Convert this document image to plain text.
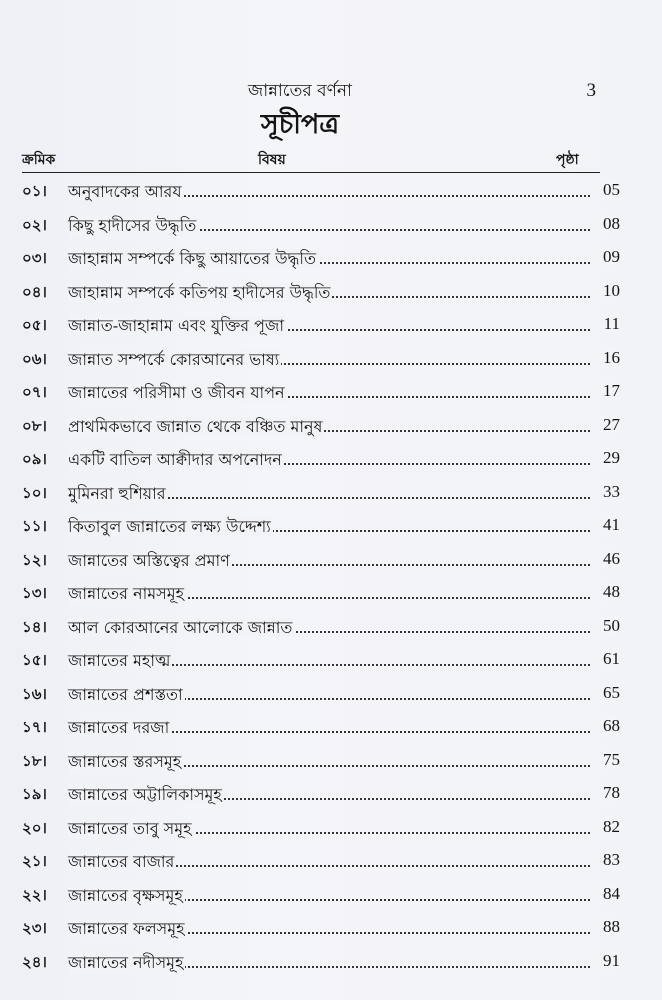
জান্নাতের বর্ণনা	3
সূচীপত্র
ক্রমিক	বিষয়	পৃষ্ঠা
০১। অনুবাদকের আরয	05
০২। কিছু হাদীসের উদ্ধৃতি	08
০৩। জাহান্নাম সম্পর্কে কিছু আয়াতের উদ্ধৃতি	09
০৪। জাহান্নাম সম্পর্কে কতিপয় হাদীসের উদ্ধৃতি	10
০৫। জান্নাত-জাহান্নাম এবং যুক্তির পূজা	11
০৬। জান্নাত সম্পর্কে কোরআনের ভাষ্য	16
০৭। জান্নাতের পরিসীমা ও জীবন যাপন	17
০৮। প্রাথমিকভাবে জান্নাত থেকে বঞ্চিত মানুষ	27
০৯। একটি বাতিল আক্বীদার অপনোদন	29
১০। মুমিনরা হুশিয়ার	33
১১। কিতাবুল জান্নাতের লক্ষ্য উদ্দেশ্য	41
১২। জান্নাতের অস্তিত্বের প্রমাণ	46
১৩। জান্নাতের নামসমূহ	48
১৪। আল কোরআনের আলোকে জান্নাত	50
১৫। জান্নাতের মহাত্ম	61
১৬। জান্নাতের প্রশস্ততা	65
১৭। জান্নাতের দরজা	68
১৮। জান্নাতের স্তরসমূহ	75
১৯। জান্নাতের অট্টালিকাসমূহ	78
২০। জান্নাতের তাবু সমূহ	82
২১। জান্নাতের বাজার	83
২২। জান্নাতের বৃক্ষসমূহ	84
২৩। জান্নাতের ফলসমূহ	88
২৪। জান্নাতের নদীসমূহ	91
